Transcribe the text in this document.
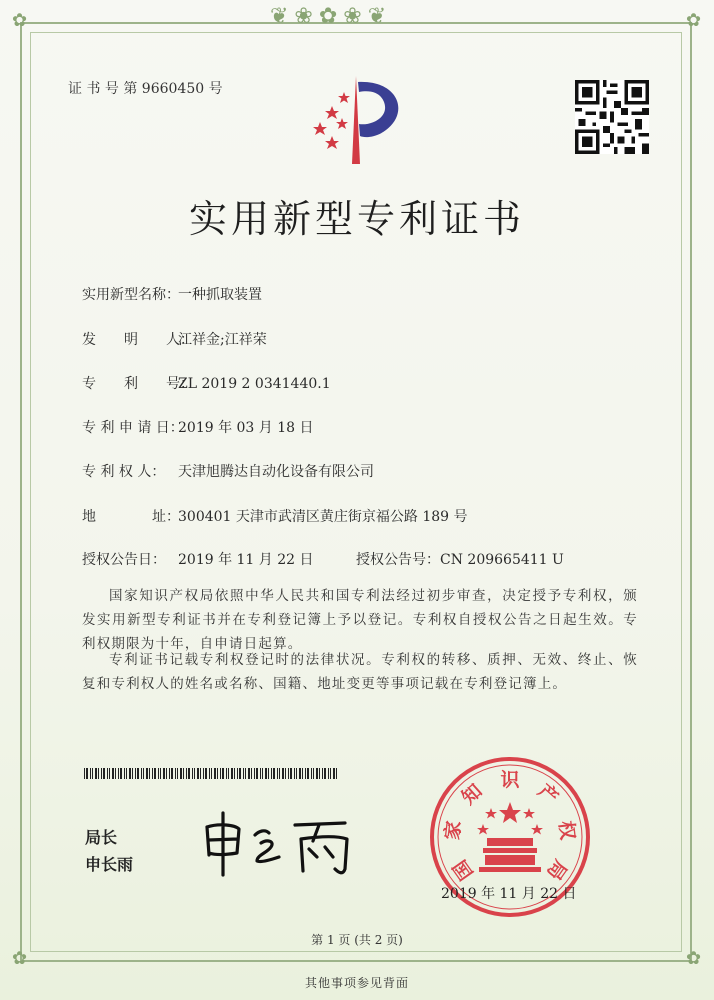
❦❀✿❀❦
✿	✿
✿	✿
证 书 号 第 9660450 号
实用新型专利证书
实用新型名称：一种抓取装置
发　　明　　人：江祥金;江祥荣
专　　利　　号：ZL 2019 2 0341440.1
专 利 申 请 日：2019 年 03 月 18 日
专 利 权 人： 天津旭腾达自动化设备有限公司
地　　　　址：300401 天津市武清区黄庄街京福公路 189 号
授权公告日： 2019 年 11 月 22 日	授权公告号：CN 209665411 U
国家知识产权局依照中华人民共和国专利法经过初步审查，决定授予专利权，颁发实用新型专利证书并在专利登记簿上予以登记。专利权自授权公告之日起生效。专利权期限为十年，自申请日起算。
专利证书记载专利权登记时的法律状况。专利权的转移、质押、无效、终止、恢复和专利权人的姓名或名称、国籍、地址变更等事项记载在专利登记簿上。
局长
申长雨	国
家
知 识 产
权
局
2019 年 11 月 22 日
第 1 页 (共 2 页)
其他事项参见背面
